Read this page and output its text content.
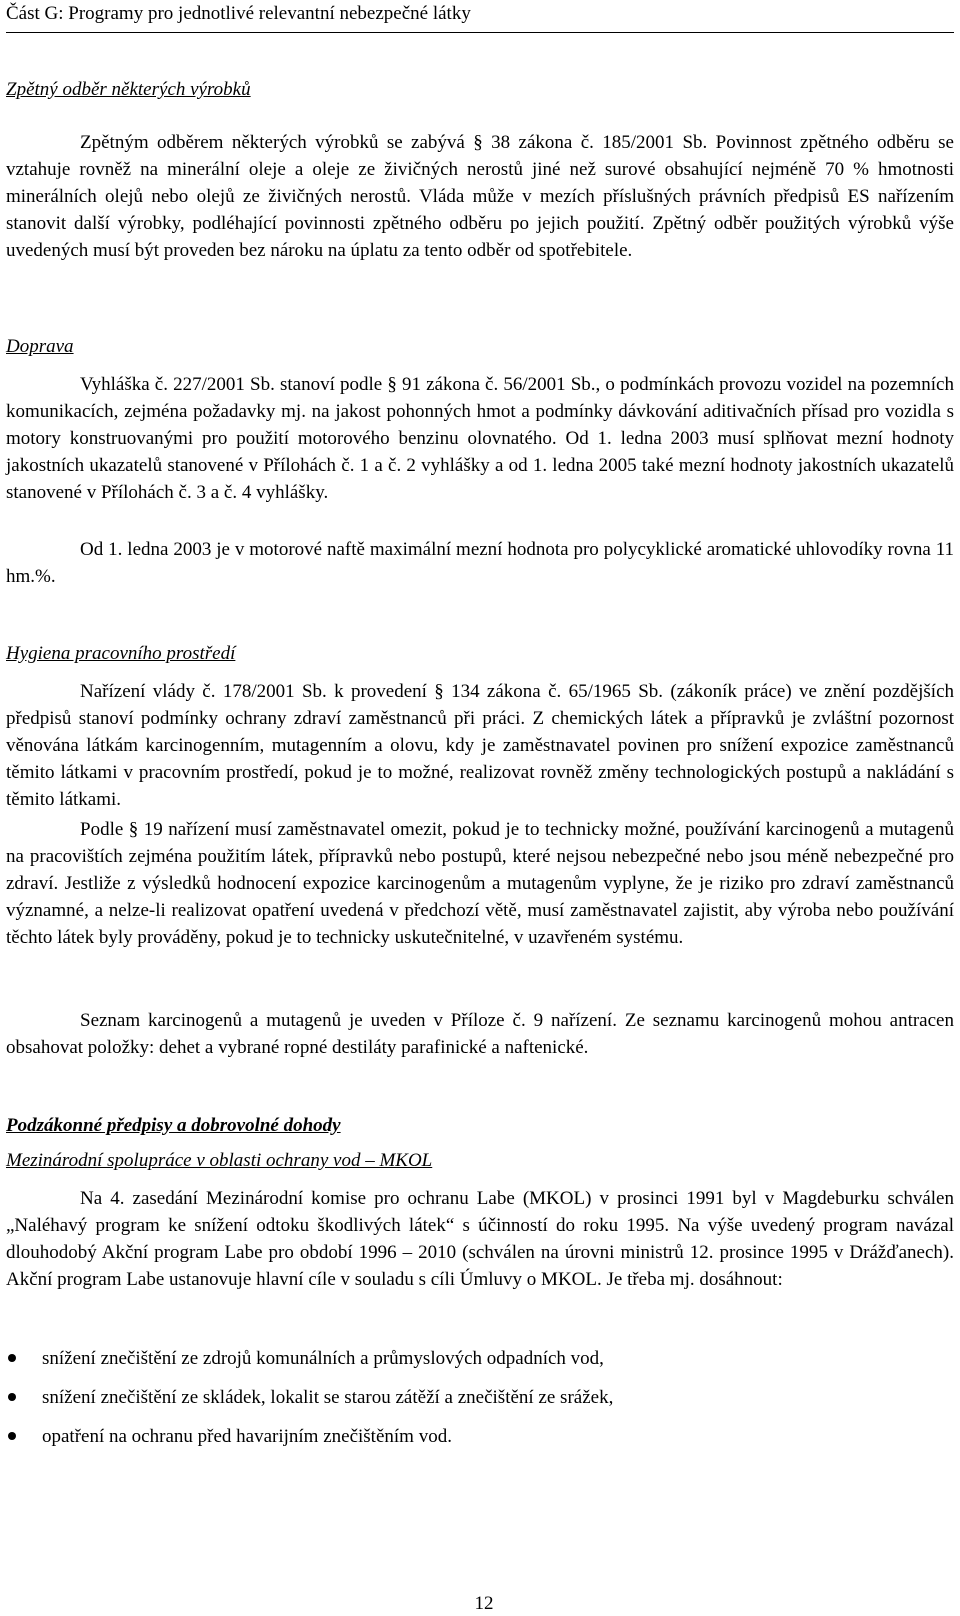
Část G: Programy pro jednotlivé relevantní nebezpečné látky
Zpětný odběr některých výrobků
Zpětným odběrem některých výrobků se zabývá § 38 zákona č. 185/2001 Sb. Povinnost zpětného odběru se vztahuje rovněž na minerální oleje a oleje ze živičných nerostů jiné než surové obsahující nejméně 70 % hmotnosti minerálních olejů nebo olejů ze živičných nerostů. Vláda může v mezích příslušných právních předpisů ES nařízením stanovit další výrobky, podléhající povinnosti zpětného odběru po jejich použití. Zpětný odběr použitých výrobků výše uvedených musí být proveden bez nároku na úplatu za tento odběr od spotřebitele.
Doprava
Vyhláška č. 227/2001 Sb. stanoví podle § 91 zákona č. 56/2001 Sb., o podmínkách provozu vozidel na pozemních komunikacích, zejména požadavky mj. na jakost pohonných hmot a podmínky dávkování aditivačních přísad pro vozidla s motory konstruovanými pro použití motorového benzinu olovnatého. Od 1. ledna 2003 musí splňovat mezní hodnoty jakostních ukazatelů stanovené v Přílohách č. 1 a č. 2 vyhlášky a od 1. ledna 2005 také mezní hodnoty jakostních ukazatelů stanovené v Přílohách č. 3 a č. 4 vyhlášky.
Od 1. ledna 2003 je v motorové naftě maximální mezní hodnota pro polycyklické aromatické uhlovodíky rovna 11 hm.%.
Hygiena pracovního prostředí
Nařízení vlády č. 178/2001 Sb. k provedení § 134 zákona č. 65/1965 Sb. (zákoník práce) ve znění pozdějších předpisů stanoví podmínky ochrany zdraví zaměstnanců při práci. Z chemických látek a přípravků je zvláštní pozornost věnována látkám karcinogenním, mutagenním a olovu, kdy je zaměstnavatel povinen pro snížení expozice zaměstnanců těmito látkami v pracovním prostředí, pokud je to možné, realizovat rovněž změny technologických postupů a nakládání s těmito látkami.
Podle § 19 nařízení musí zaměstnavatel omezit, pokud je to technicky možné, používání karcinogenů a mutagenů na pracovištích zejména použitím látek, přípravků nebo postupů, které nejsou nebezpečné nebo jsou méně nebezpečné pro zdraví. Jestliže z výsledků hodnocení expozice karcinogenům a mutagenům vyplyne, že je riziko pro zdraví zaměstnanců významné, a nelze-li realizovat opatření uvedená v předchozí větě, musí zaměstnavatel zajistit, aby výroba nebo používání těchto látek byly prováděny, pokud je to technicky uskutečnitelné, v uzavřeném systému.
Seznam karcinogenů a mutagenů je uveden v Příloze č. 9 nařízení. Ze seznamu karcinogenů mohou antracen obsahovat položky: dehet a vybrané ropné destiláty parafinické a naftenické.
Podzákonné předpisy a dobrovolné dohody
Mezinárodní spolupráce v oblasti ochrany vod – MKOL
Na 4. zasedání Mezinárodní komise pro ochranu Labe (MKOL) v prosinci 1991 byl v Magdeburku schválen „Naléhavý program ke snížení odtoku škodlivých látek“ s účinností do roku 1995. Na výše uvedený program navázal dlouhodobý Akční program Labe pro období 1996 – 2010 (schválen na úrovni ministrů 12. prosince 1995 v Drážďanech). Akční program Labe ustanovuje hlavní cíle v souladu s cíli Úmluvy o MKOL. Je třeba mj. dosáhnout:
snížení znečištění ze zdrojů komunálních a průmyslových odpadních vod,
snížení znečištění ze skládek, lokalit se starou zátěží a znečištění ze srážek,
opatření na ochranu před havarijním znečištěním vod.
12
